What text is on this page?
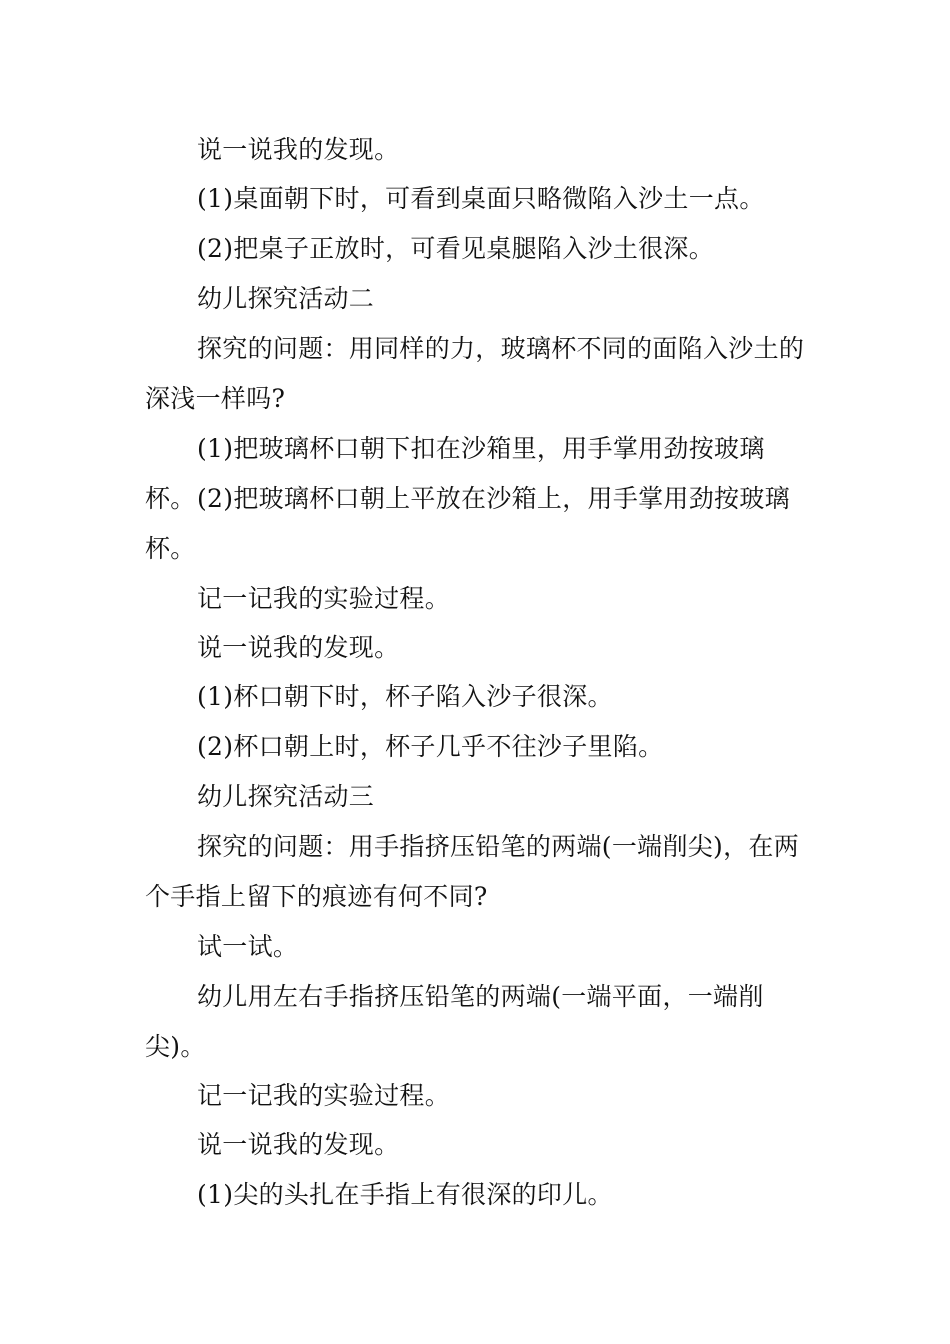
说一说我的发现。

(1)桌面朝下时，可看到桌面只略微陷入沙土一点。

(2)把桌子正放时，可看见桌腿陷入沙土很深。

幼儿探究活动二

探究的问题：用同样的力，玻璃杯不同的面陷入沙土的深浅一样吗?

(1)把玻璃杯口朝下扣在沙箱里，用手掌用劲按玻璃杯。 (2)把玻璃杯口朝上平放在沙箱上，用手掌用劲按玻璃杯。

记一记我的实验过程。

说一说我的发现。

(1)杯口朝下时，杯子陷入沙子很深。

(2)杯口朝上时，杯子几乎不往沙子里陷。

幼儿探究活动三

探究的问题：用手指挤压铅笔的两端(一端削尖)，在两个手指上留下的痕迹有何不同?

试一试。

幼儿用左右手指挤压铅笔的两端(一端平面，一端削尖)。

记一记我的实验过程。

说一说我的发现。

(1)尖的头扎在手指上有很深的印儿。
